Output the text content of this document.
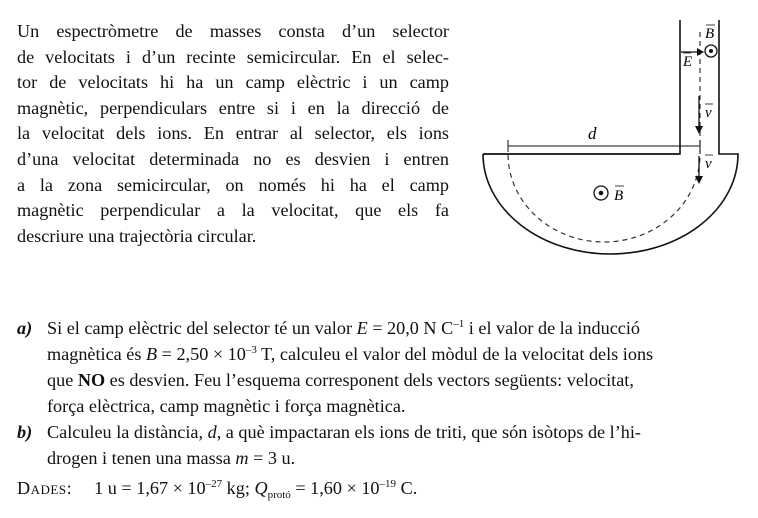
Un espectròmetre de masses consta d’un selector
de velocitats i d’un recinte semicircular. En el selec-
tor de velocitats hi ha un camp elèctric i un camp
magnètic, perpendiculars entre si i en la direcció de
la velocitat dels ions. En entrar al selector, els ions
d’una velocitat determinada no es desvien i entren
a la zona semicircular, on només hi ha el camp
magnètic perpendicular a la velocitat, que els fa
descriure una trajectòria circular.
d
E
B
v
v
B
a) Si el camp elèctric del selector té un valor E = 20,0 N $C^{-1}$ i el valor de la inducció
magnètica és $B = 2,50 \times 10^{-3}$ T, calculeu el valor del mòdul de la velocitat dels ions
que NO es desvien. Feu l’esquema corresponent dels vectors següents: velocitat,
força elèctrica, camp magnètic i força magnètica.
b) Calculeu la distància, d, a què impactaran els ions de triti, que són isòtops de l’hi-
drogen i tenen una massa m = 3 u.
Dades: 1 $u = 1,67 \times 10^{-27}$ kg; $Q_{protó} = 1,60 \times 10^{-19}$ C.
